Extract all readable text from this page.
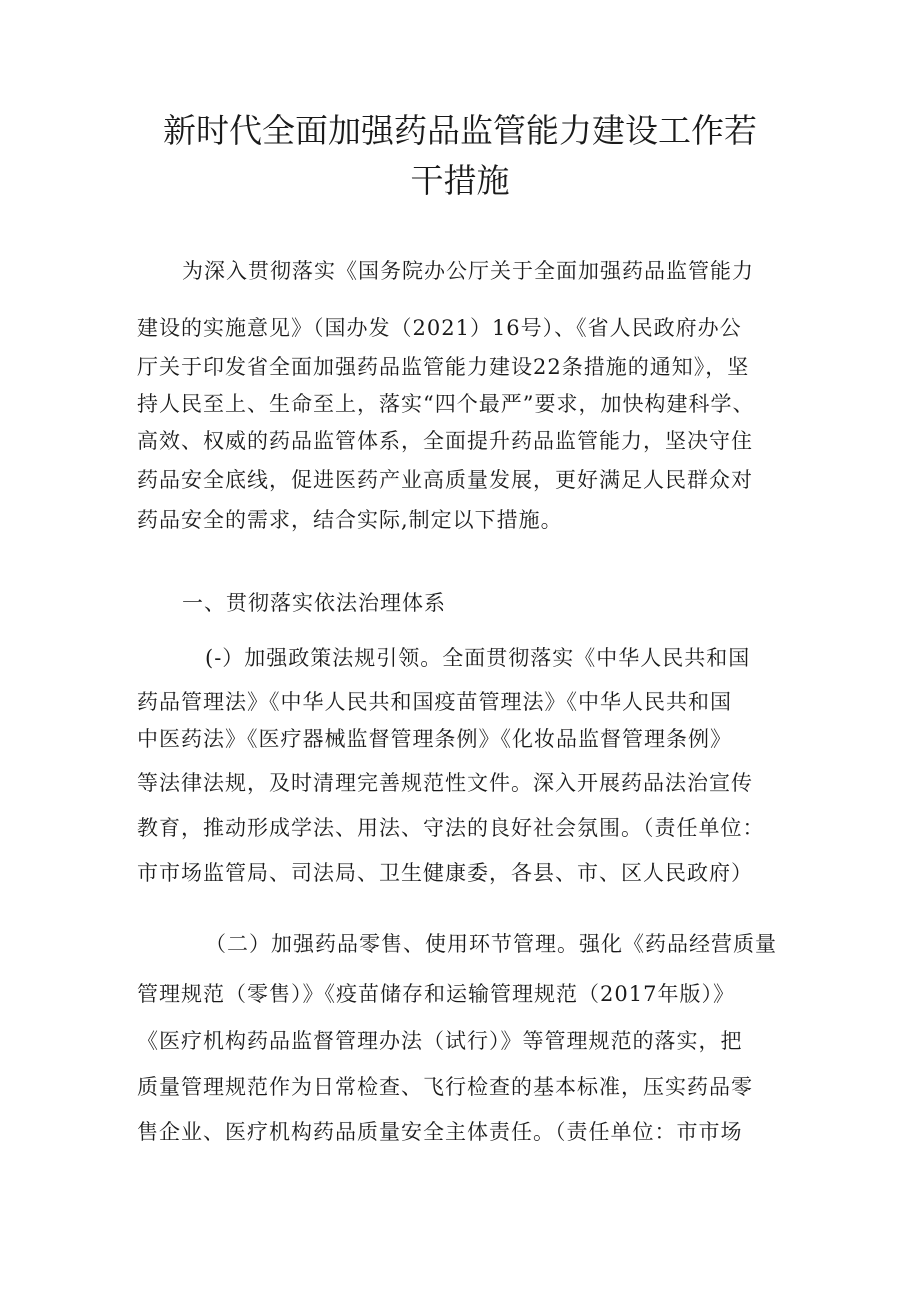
新时代全面加强药品监管能力建设工作若
干措施

为深入贯彻落实《国务院办公厅关于全面加强药品监管能力

建设的实施意见》（国办发（2021）16号）、《省人民政府办公

厅关于印发省全面加强药品监管能力建设22条措施的通知》，坚

持人民至上、生命至上，落实“四个最严”要求，加快构建科学、

高效、权威的药品监管体系，全面提升药品监管能力，坚决守住

药品安全底线，促进医药产业高质量发展，更好满足人民群众对

药品安全的需求，结合实际,制定以下措施。

一、贯彻落实依法治理体系

(-）加强政策法规引领。全面贯彻落实《中华人民共和国

药品管理法》《中华人民共和国疫苗管理法》《中华人民共和国

中医药法》《医疗器械监督管理条例》《化妆品监督管理条例》

等法律法规，及时清理完善规范性文件。深入开展药品法治宣传

教育，推动形成学法、用法、守法的良好社会氛围。（责任单位：

市市场监管局、司法局、卫生健康委，各县、市、区人民政府）

（二）加强药品零售、使用环节管理。强化《药品经营质量

管理规范（零售）》《疫苗储存和运输管理规范（2017年版）》

《医疗机构药品监督管理办法（试行）》等管理规范的落实，把

质量管理规范作为日常检查、飞行检查的基本标准，压实药品零

售企业、医疗机构药品质量安全主体责任。（责任单位：市市场
